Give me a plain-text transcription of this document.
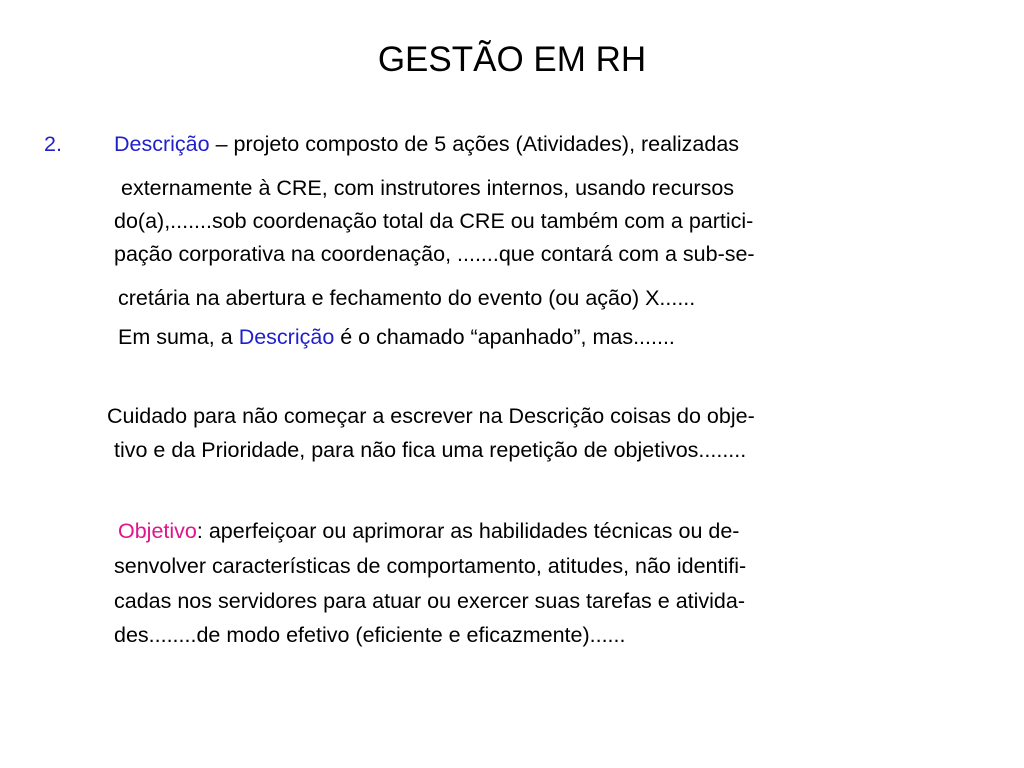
GESTÃO EM RH
2. Descrição – projeto composto de 5 ações (Atividades), realizadas
externamente à CRE, com instrutores internos, usando recursos
do(a),.......sob coordenação total da CRE ou também com a partici-
pação corporativa na coordenação, .......que contará com a sub-se-
cretária na abertura e fechamento do evento (ou ação) X......
Em suma, a Descrição é o chamado “apanhado”, mas.......
Cuidado para não começar a escrever na Descrição coisas do obje-
tivo e da Prioridade, para não fica uma repetição de objetivos........
Objetivo: aperfeiçoar ou aprimorar as habilidades técnicas ou de-
senvolver características de comportamento, atitudes, não identifi-
cadas nos servidores para atuar ou exercer suas tarefas e ativida-
des........de modo efetivo (eficiente e eficazmente)......
